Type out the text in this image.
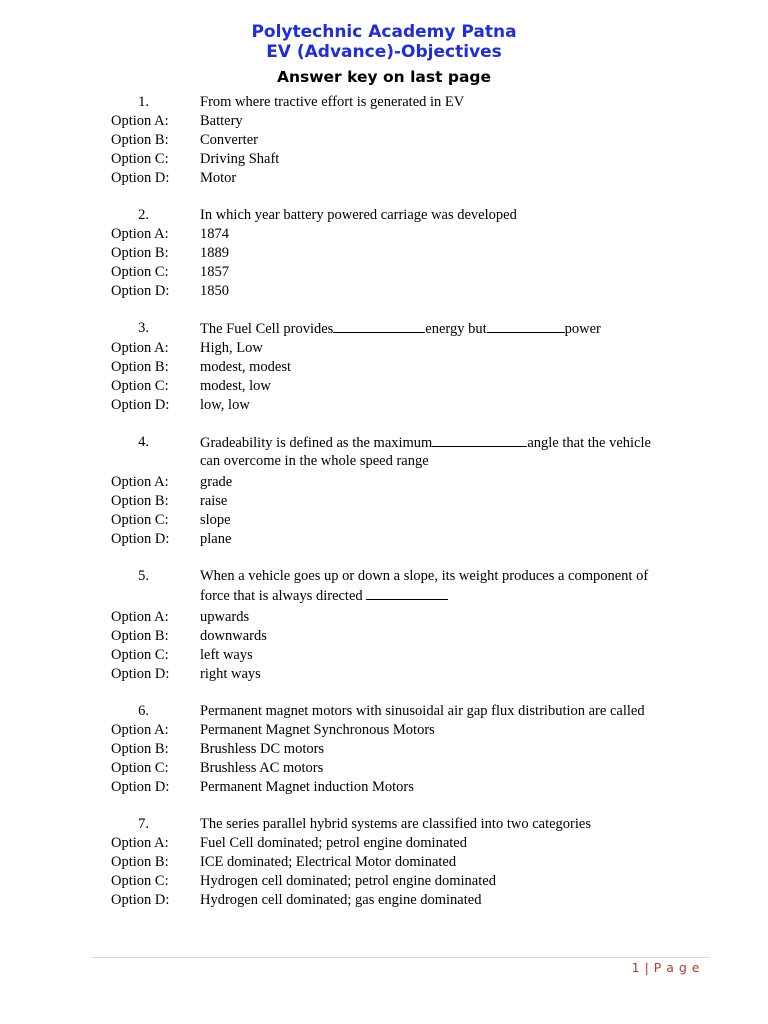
Polytechnic Academy Patna
EV (Advance)-Objectives
Answer key on last page
1.	From where tractive effort is generated in EV
Option A:	Battery
Option B:	Converter
Option C:	Driving Shaft
Option D:	Motor
2.	In which year battery powered carriage was developed
Option A:	1874
Option B:	1889
Option C:	1857
Option D:	1850
3.	The Fuel Cell provides	energy but	power
Option A:	High, Low
Option B:	modest, modest
Option C:	modest, low
Option D:	low, low
4.	Gradeability is defined as the maximum	angle that the vehicle
can overcome in the whole speed range
Option A:	grade
Option B:	raise
Option C:	slope
Option D:	plane
5.	When a vehicle goes up or down a slope, its weight produces a component of
force that is always directed
Option A:	upwards
Option B:	downwards
Option C:	left ways
Option D:	right ways
6.	Permanent magnet motors with sinusoidal air gap flux distribution are called
Option A:	Permanent Magnet Synchronous Motors
Option B:	Brushless DC motors
Option C:	Brushless AC motors
Option D:	Permanent Magnet induction Motors
7.	The series parallel hybrid systems are classified into two categories
Option A:	Fuel Cell dominated; petrol engine dominated
Option B:	ICE dominated; Electrical Motor dominated
Option C:	Hydrogen cell dominated; petrol engine dominated
Option D:	Hydrogen cell dominated; gas engine dominated
1 | P a g e
